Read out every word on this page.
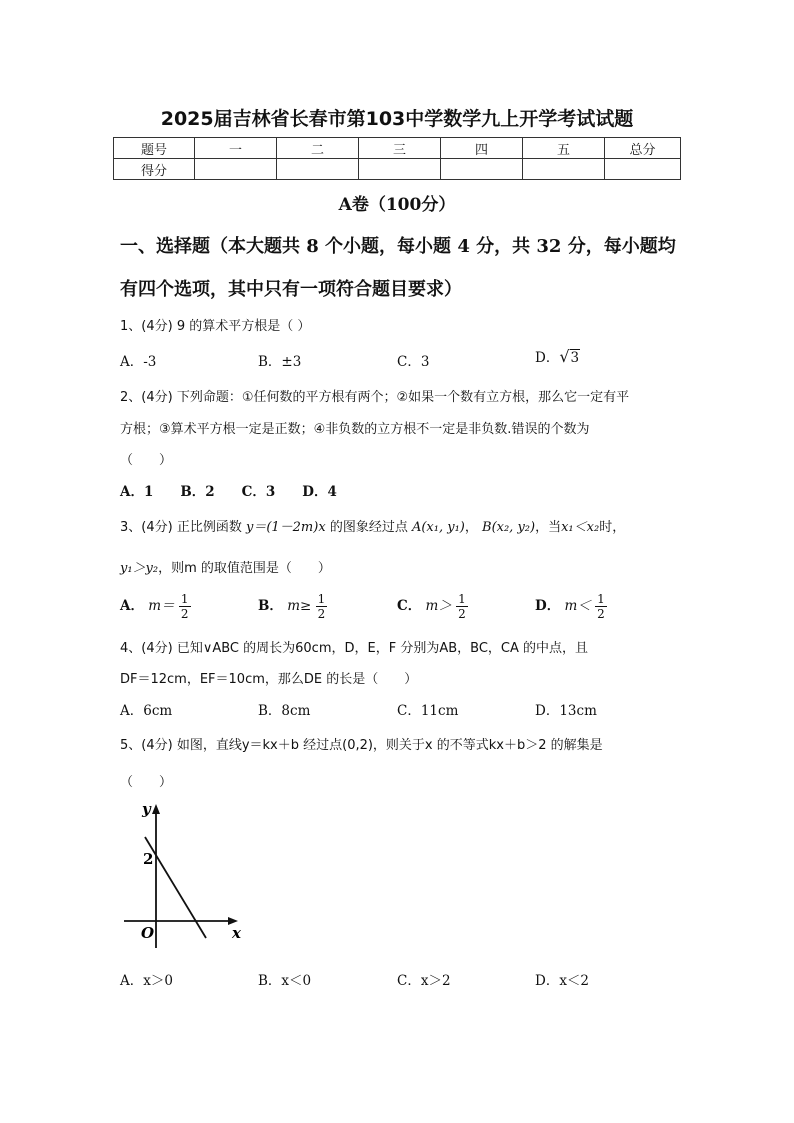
2025届吉林省长春市第103中学数学九上开学考试试题
题号	一	二	三	四	五	总分
得分						
A卷（100分）
一、选择题（本大题共 8 个小题，每小题 4 分，共 32 分，每小题均
有四个选项，其中只有一项符合题目要求）
1、(4分) 9 的算术平方根是（ ）
A．-3	B．±3	C．3	D．√3
2、(4分) 下列命题：①任何数的平方根有两个；②如果一个数有立方根，那么它一定有平
方根；③算术平方根一定是正数；④非负数的立方根不一定是非负数.错误的个数为
（　　）
A．1　　B．2　　C．3　　D．4
3、(4分) 正比例函数 y＝(1－2m)x 的图象经过点 A(x₁, y₁)， B(x₂, y₂)，当x₁＜x₂时，
y₁＞y₂，则m 的取值范围是（　　）
A． $m= \frac{1}{2}$	B． $m\ge \frac{1}{2}$	C． $m> \frac{1}{2}$	D． $m< \frac{1}{2}$
4、(4分) 已知∨ABC 的周长为60cm，D，E，F 分别为AB，BC，CA 的中点，且
DF＝12cm，EF＝10cm，那么DE 的长是（　　）
A．6cm	B．8cm	C．11cm	D．13cm
5、(4分) 如图，直线y＝kx＋b 经过点(0,2)，则关于x 的不等式kx＋b＞2 的解集是
（　　）
y
x
O
2
A．x＞0	B．x＜0	C．x＞2	D．x＜2
